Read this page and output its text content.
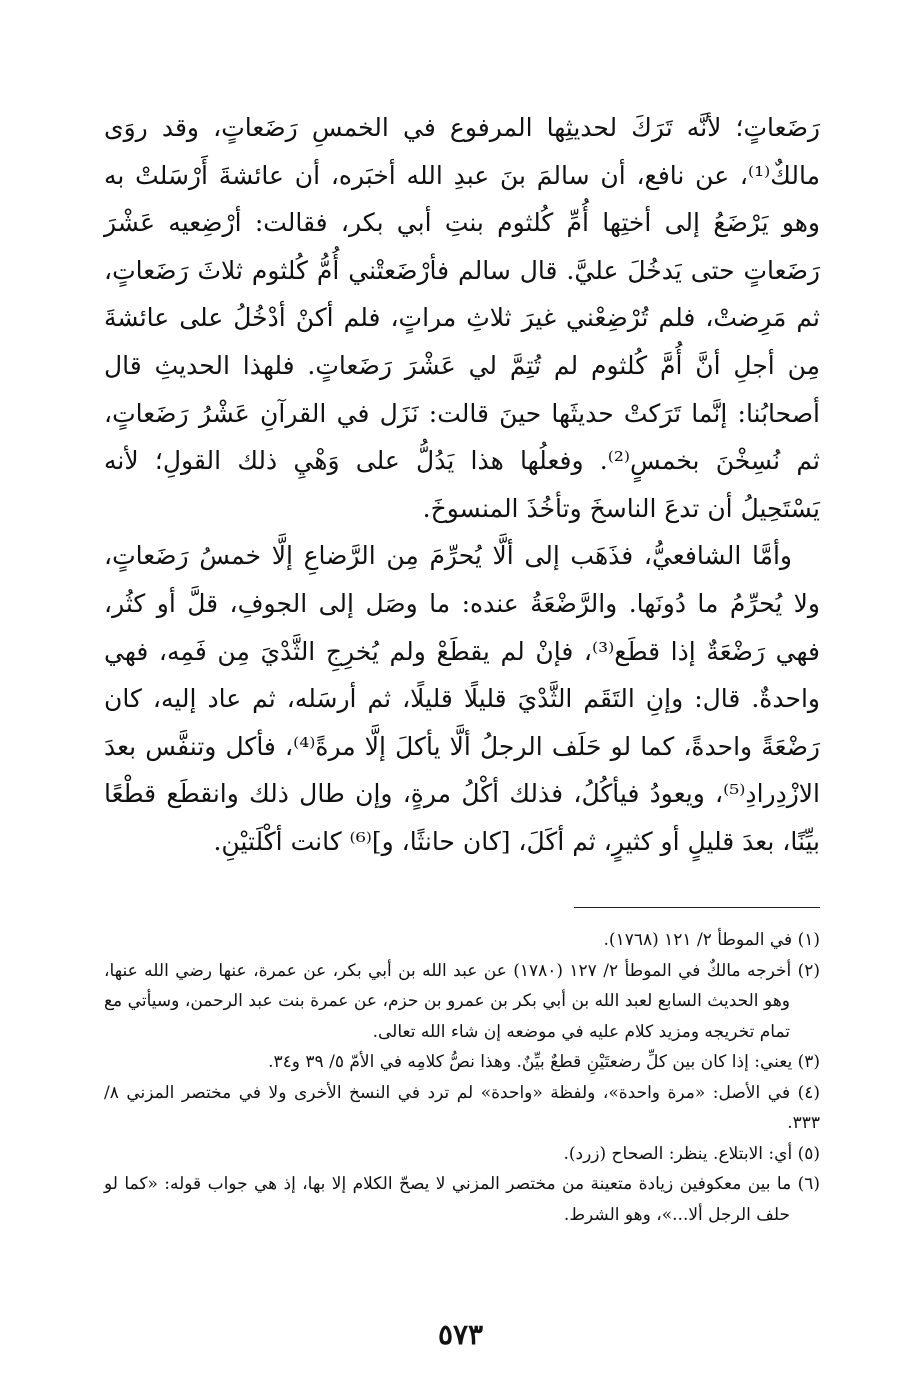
رَضَعاتٍ؛ لأنَّه تَرَكَ لحديثِها المرفوع في الخمسِ رَضَعاتٍ، وقد روَى مالكٌ⁽¹⁾، عن نافع، أن سالمَ بنَ عبدِ الله أخبَره، أن عائشةَ أَرْسَلتْ به وهو يَرْضَعُ إلى أختِها أُمِّ كُلثوم بنتِ أبي بكر، فقالت: أرْضِعيه عَشْرَ رَضَعاتٍ حتى يَدخُلَ عليَّ. قال سالم فأرْضَعتْني أُمُّ كُلثوم ثلاثَ رَضَعاتٍ، ثم مَرِضتْ، فلم تُرْضِعْني غيرَ ثلاثِ مراتٍ، فلم أكنْ أدْخُلُ على عائشةَ مِن أجلِ أنَّ أُمَّ كُلثوم لم تُتِمَّ لي عَشْرَ رَضَعاتٍ. فلهذا الحديثِ قال أصحابُنا: إنَّما تَرَكتْ حديثَها حينَ قالت: نَزَل في القرآنِ عَشْرُ رَضَعاتٍ، ثم نُسِخْنَ بخمسٍ⁽²⁾. وفعلُها هذا يَدُلُّ على وَهْيِ ذلك القولِ؛ لأنه يَسْتَحِيلُ أن تدعَ الناسخَ وتأخُذَ المنسوخَ.

وأمَّا الشافعيُّ، فذَهَب إلى ألَّا يُحرِّمَ مِن الرَّضاعِ إلَّا خمسُ رَضَعاتٍ، ولا يُحرِّمُ ما دُونَها. والرَّضْعَةُ عنده: ما وصَل إلى الجوفِ، قلَّ أو كثُر، فهي رَضْعَةٌ إذا قطَع⁽³⁾، فإنْ لم يقطَعْ ولم يُخرِجِ الثَّدْيَ مِن فَمِه، فهي واحدةٌ. قال: وإنِ التَقَم الثَّدْيَ قليلًا قليلًا، ثم أرسَله، ثم عاد إليه، كان رَضْعَةً واحدةً، كما لو حَلَف الرجلُ ألَّا يأكلَ إلَّا مرةً⁽⁴⁾، فأكل وتنفَّس بعدَ الازْدِرادِ⁽⁵⁾، ويعودُ فيأكُلُ، فذلك أكْلُ مرةٍ، وإن طال ذلك وانقطَع قطْعًا بيِّنًا، بعدَ قليلٍ أو كثيرٍ، ثم أكَلَ، [كان حانثًا، و]⁽⁶⁾ كانت أكْلَتيْنِ.

(١) في الموطأ ٢/ ١٢١ (١٧٦٨).

(٢) أخرجه مالكٌ في الموطأ ٢/ ١٢٧ (١٧٨٠) عن عبد الله بن أبي بكر، عن عمرة، عنها رضي الله عنها، وهو الحديث السابع لعبد الله بن أبي بكر بن عمرو بن حزم، عن عمرة بنت عبد الرحمن، وسيأتي مع تمام تخريجه ومزيد كلام عليه في موضعه إن شاء الله تعالى.

(٣) يعني: إذا كان بين كلِّ رضعتَيْنِ قطعٌ بيِّنٌ. وهذا نصُّ كلامِه في الأمّ ٥/ ٣٩ و٣٤.

(٤) في الأصل: «مرة واحدة»، ولفظة «واحدة» لم ترد في النسخ الأخرى ولا في مختصر المزني ٨/ ٣٣٣.

(٥) أي: الابتلاع. ينظر: الصحاح (زرد).

(٦) ما بين معكوفين زيادة متعينة من مختصر المزني لا يصحّ الكلام إلا بها، إذ هي جواب قوله: «كما لو حلف الرجل ألا...»، وهو الشرط.

٥٧٣
